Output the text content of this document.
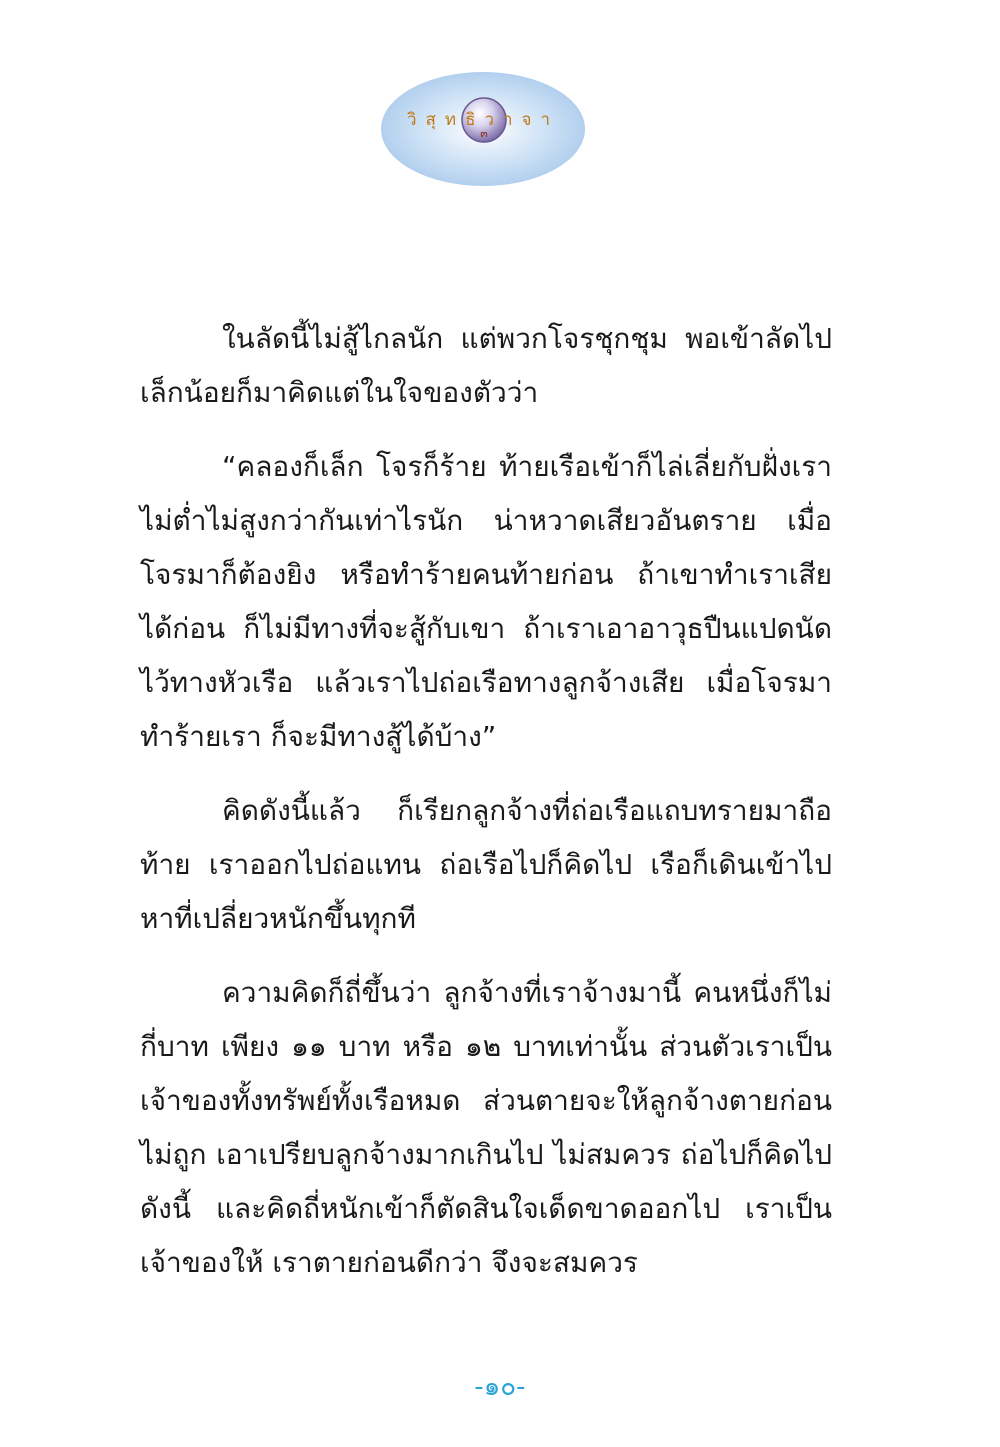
วิสุทธิวาจา
๓

ในลัดนี้ไม่สู้ไกลนัก แต่พวกโจรชุกชุม พอเข้าลัดไปเล็กน้อยก็มาคิดแต่ในใจของตัวว่า

“คลองก็เล็ก โจรก็ร้าย ท้ายเรือเข้าก็ไล่เลี่ยกับฝั่งเรา ไม่ต่ำไม่สูงกว่ากันเท่าไรนัก น่าหวาดเสียวอันตราย เมื่อโจรมาก็ต้องยิง หรือทำร้ายคนท้ายก่อน ถ้าเขาทำเราเสียได้ก่อน ก็ไม่มีทางที่จะสู้กับเขา ถ้าเราเอาอาวุธปืนแปดนัดไว้ทางหัวเรือ แล้วเราไปถ่อเรือทางลูกจ้างเสีย เมื่อโจรมาทำร้ายเรา ก็จะมีทางสู้ได้บ้าง”

คิดดังนี้แล้ว ก็เรียกลูกจ้างที่ถ่อเรือแถบทรายมาถือท้าย เราออกไปถ่อแทน ถ่อเรือไปก็คิดไป เรือก็เดินเข้าไปหาที่เปลี่ยวหนักขึ้นทุกที

ความคิดก็ถี่ขึ้นว่า ลูกจ้างที่เราจ้างมานี้ คนหนึ่งก็ไม่กี่บาท เพียง ๑๑ บาท หรือ ๑๒ บาทเท่านั้น ส่วนตัวเราเป็นเจ้าของทั้งทรัพย์ทั้งเรือหมด ส่วนตายจะให้ลูกจ้างตายก่อน ไม่ถูก เอาเปรียบลูกจ้างมากเกินไป ไม่สมควร ถ่อไปก็คิดไปดังนี้ และคิดถี่หนักเข้าก็ตัดสินใจเด็ดขาดออกไป เราเป็นเจ้าของให้ เราตายก่อนดีกว่า จึงจะสมควร

-๑๐-
